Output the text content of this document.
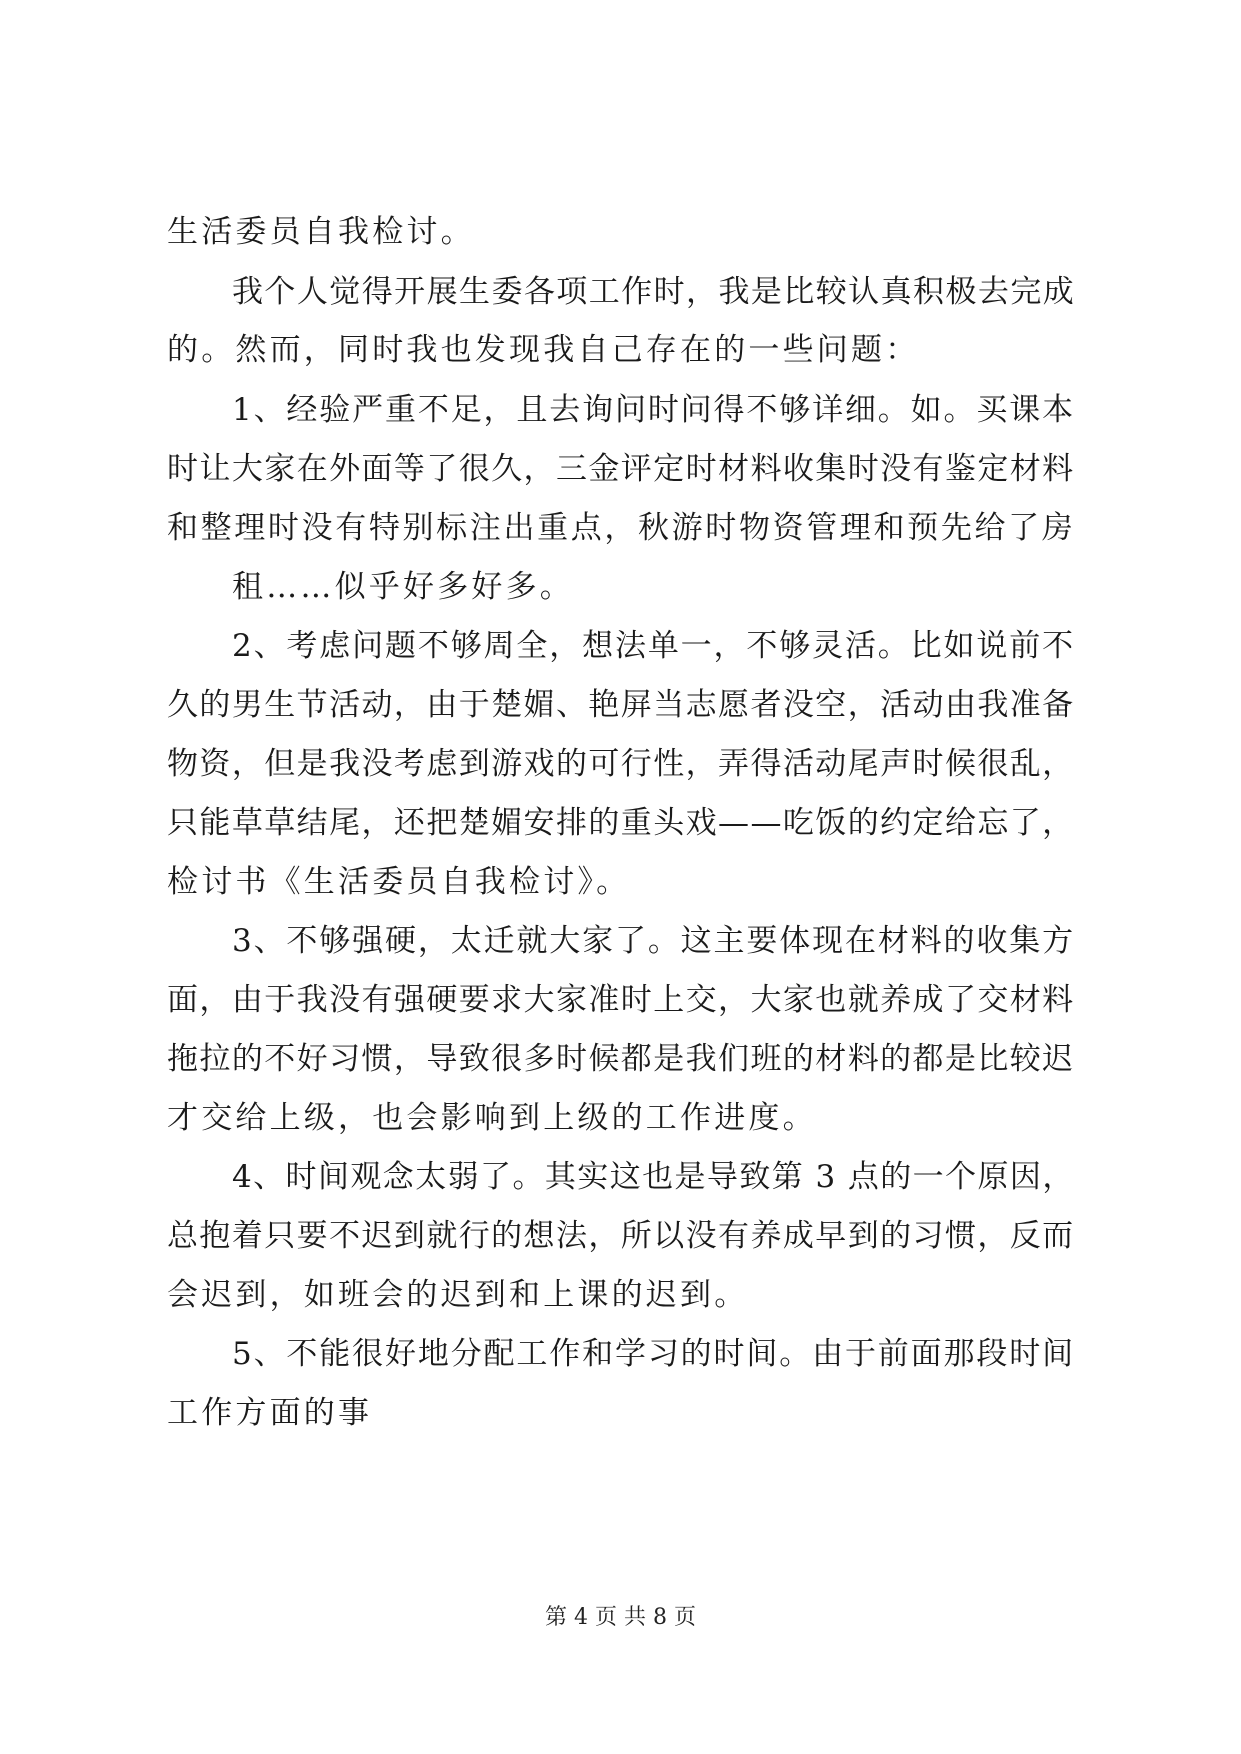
生活委员自我检讨。
我个人觉得开展生委各项工作时，我是比较认真积极去完成
的。然而，同时我也发现我自己存在的一些问题：
1、经验严重不足，且去询问时问得不够详细。如。买课本
时让大家在外面等了很久，三金评定时材料收集时没有鉴定材料
和整理时没有特别标注出重点，秋游时物资管理和预先给了房
租……似乎好多好多。
2、考虑问题不够周全，想法单一，不够灵活。比如说前不
久的男生节活动，由于楚媚、艳屏当志愿者没空，活动由我准备
物资，但是我没考虑到游戏的可行性，弄得活动尾声时候很乱，
只能草草结尾，还把楚媚安排的重头戏——吃饭的约定给忘了，
检讨书《生活委员自我检讨》。
3、不够强硬，太迁就大家了。这主要体现在材料的收集方
面，由于我没有强硬要求大家准时上交，大家也就养成了交材料
拖拉的不好习惯，导致很多时候都是我们班的材料的都是比较迟
才交给上级，也会影响到上级的工作进度。
4、时间观念太弱了。其实这也是导致第 3 点的一个原因，
总抱着只要不迟到就行的想法，所以没有养成早到的习惯，反而
会迟到，如班会的迟到和上课的迟到。
5、不能很好地分配工作和学习的时间。由于前面那段时间
工作方面的事
第 4 页 共 8 页
